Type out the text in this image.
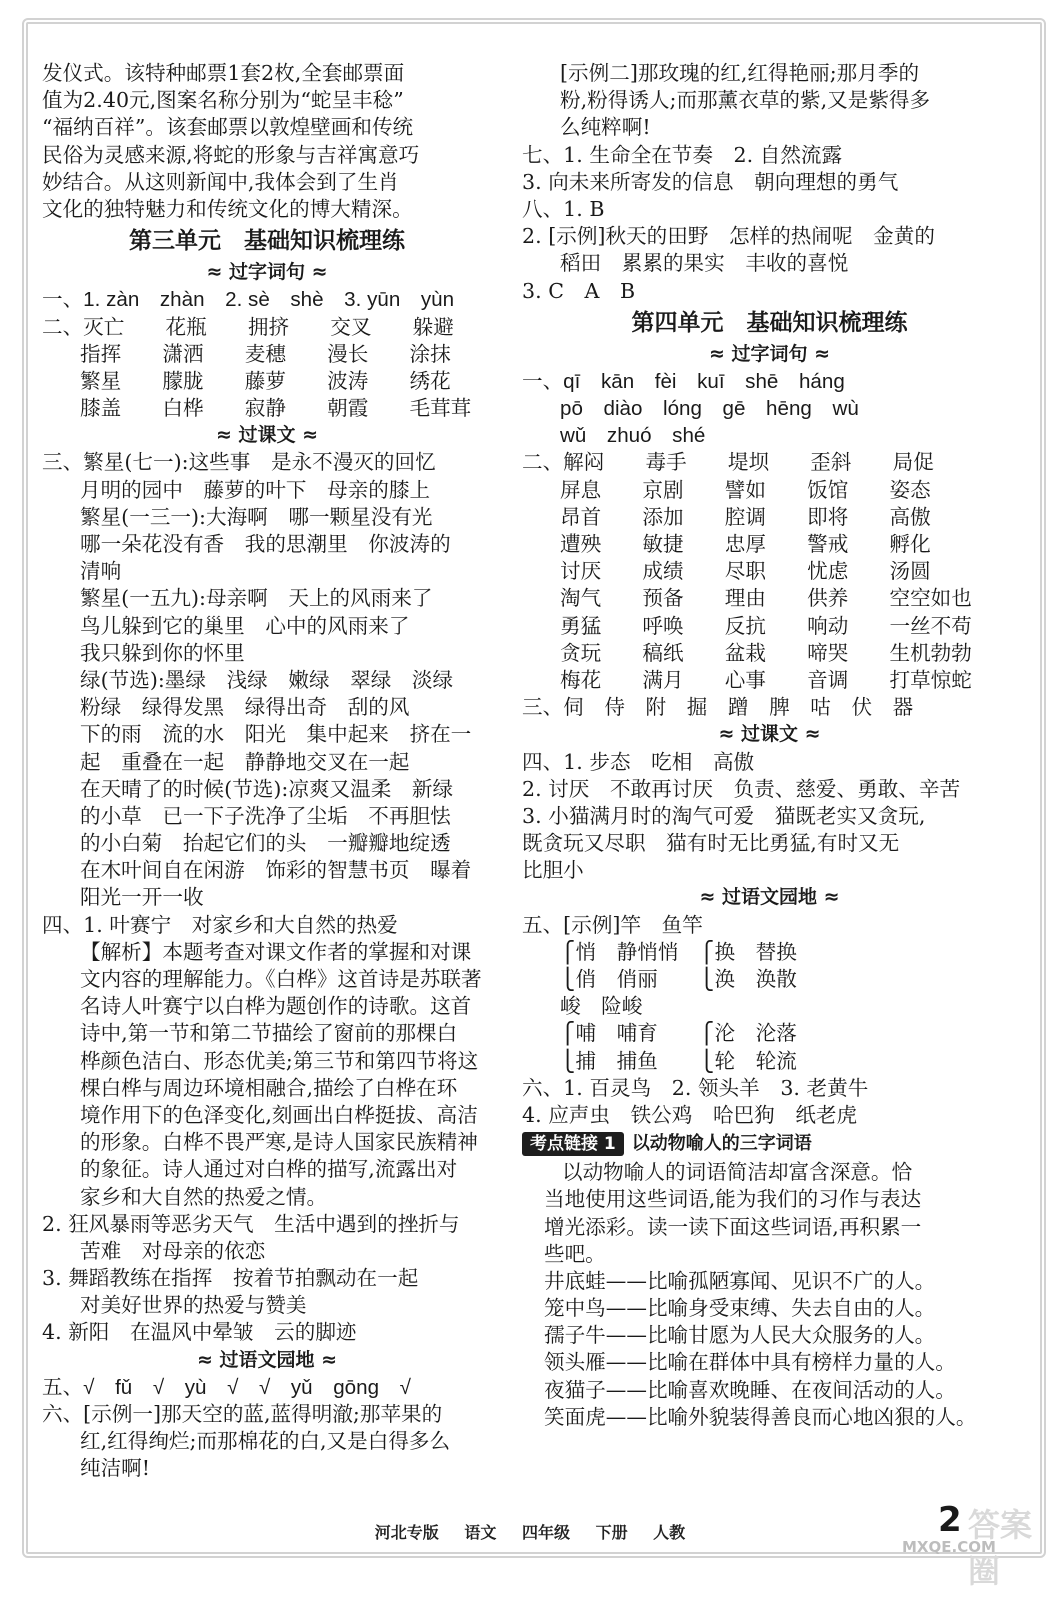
发仪式。该特种邮票1套2枚,全套邮票面
值为2.40元,图案名称分别为“蛇呈丰稔”
“福纳百祥”。该套邮票以敦煌壁画和传统
民俗为灵感来源,将蛇的形象与吉祥寓意巧
妙结合。从这则新闻中,我体会到了生肖
文化的独特魅力和传统文化的博大精深。
第三单元　基础知识梳理练
≈ 过字词句 ≈
一、1. zàn　zhàn　2. sè　shè　3. yūn　yùn
二、灭亡　　花瓶　　拥挤　　交叉　　躲避
指挥　　潇洒　　麦穗　　漫长　　涂抹
繁星　　朦胧　　藤萝　　波涛　　绣花
膝盖　　白桦　　寂静　　朝霞　　毛茸茸
≈ 过课文 ≈
三、繁星(七一):这些事　是永不漫灭的回忆
月明的园中　藤萝的叶下　母亲的膝上
繁星(一三一):大海啊　哪一颗星没有光
哪一朵花没有香　我的思潮里　你波涛的
清响
繁星(一五九):母亲啊　天上的风雨来了
鸟儿躲到它的巢里　心中的风雨来了
我只躲到你的怀里
绿(节选):墨绿　浅绿　嫩绿　翠绿　淡绿
粉绿　绿得发黑　绿得出奇　刮的风
下的雨　流的水　阳光　集中起来　挤在一
起　重叠在一起　静静地交叉在一起
在天晴了的时候(节选):凉爽又温柔　新绿
的小草　已一下子洗净了尘垢　不再胆怯
的小白菊　抬起它们的头　一瓣瓣地绽透
在木叶间自在闲游　饰彩的智慧书页　曝着
阳光一开一收
四、1. 叶赛宁　对家乡和大自然的热爱
【解析】本题考查对课文作者的掌握和对课
文内容的理解能力。《白桦》这首诗是苏联著
名诗人叶赛宁以白桦为题创作的诗歌。这首
诗中,第一节和第二节描绘了窗前的那棵白
桦颜色洁白、形态优美;第三节和第四节将这
棵白桦与周边环境相融合,描绘了白桦在环
境作用下的色泽变化,刻画出白桦挺拔、高洁
的形象。白桦不畏严寒,是诗人国家民族精神
的象征。诗人通过对白桦的描写,流露出对
家乡和大自然的热爱之情。
2. 狂风暴雨等恶劣天气　生活中遇到的挫折与
苦难　对母亲的依恋
3. 舞蹈教练在指挥　按着节拍飘动在一起
对美好世界的热爱与赞美
4. 新阳　在温风中晕皱　云的脚迹
≈ 过语文园地 ≈
五、√　fǔ　√　yù　√　√　yǔ　gōng　√
六、[示例一]那天空的蓝,蓝得明澈;那苹果的
红,红得绚烂;而那棉花的白,又是白得多么
纯洁啊!
[示例二]那玫瑰的红,红得艳丽;那月季的
粉,粉得诱人;而那薰衣草的紫,又是紫得多
么纯粹啊!
七、1. 生命全在节奏　2. 自然流露
3. 向未来所寄发的信息　朝向理想的勇气
八、1. B
2. [示例]秋天的田野　怎样的热闹呢　金黄的
稻田　累累的果实　丰收的喜悦
3. C　A　B
第四单元　基础知识梳理练
≈ 过字词句 ≈
一、qī　kān　fèi　kuī　shē　háng
pō　diào　lóng　gē　hēng　wù
wǔ　zhuó　shé
二、解闷　　毒手　　堤坝　　歪斜　　局促
屏息　　京剧　　譬如　　饭馆　　姿态
昂首　　添加　　腔调　　即将　　高傲
遭殃　　敏捷　　忠厚　　警戒　　孵化
讨厌　　成绩　　尽职　　忧虑　　汤圆
淘气　　预备　　理由　　供养　　空空如也
勇猛　　呼唤　　反抗　　响动　　一丝不苟
贪玩　　稿纸　　盆栽　　啼哭　　生机勃勃
梅花　　满月　　心事　　音调　　打草惊蛇
三、伺　侍　附　掘　蹭　脾　咕　伏　器
≈ 过课文 ≈
四、1. 步态　吃相　高傲
2. 讨厌　不敢再讨厌　负责、慈爱、勇敢、辛苦
3. 小猫满月时的淘气可爱　猫既老实又贪玩,
既贪玩又尽职　猫有时无比勇猛,有时又无
比胆小
≈ 过语文园地 ≈
五、[示例]竿　鱼竿
⎧悄　静悄悄　⎧换　替换
⎩俏　俏丽　　⎩涣　涣散
峻　险峻
⎧哺　哺育　　⎧沦　沦落
⎩捕　捕鱼　　⎩轮　轮流
六、1. 百灵鸟　2. 领头羊　3. 老黄牛
4. 应声虫　铁公鸡　哈巴狗　纸老虎
考点链接 1 以动物喻人的三字词语
以动物喻人的词语简洁却富含深意。恰
当地使用这些词语,能为我们的习作与表达
增光添彩。读一读下面这些词语,再积累一
些吧。
井底蛙——比喻孤陋寡闻、见识不广的人。
笼中鸟——比喻身受束缚、失去自由的人。
孺子牛——比喻甘愿为人民大众服务的人。
领头雁——比喻在群体中具有榜样力量的人。
夜猫子——比喻喜欢晚睡、在夜间活动的人。
笑面虎——比喻外貌装得善良而心地凶狠的人。
河北专版 语文 四年级 下册 人教	2 答案圈
MXQE.COM
